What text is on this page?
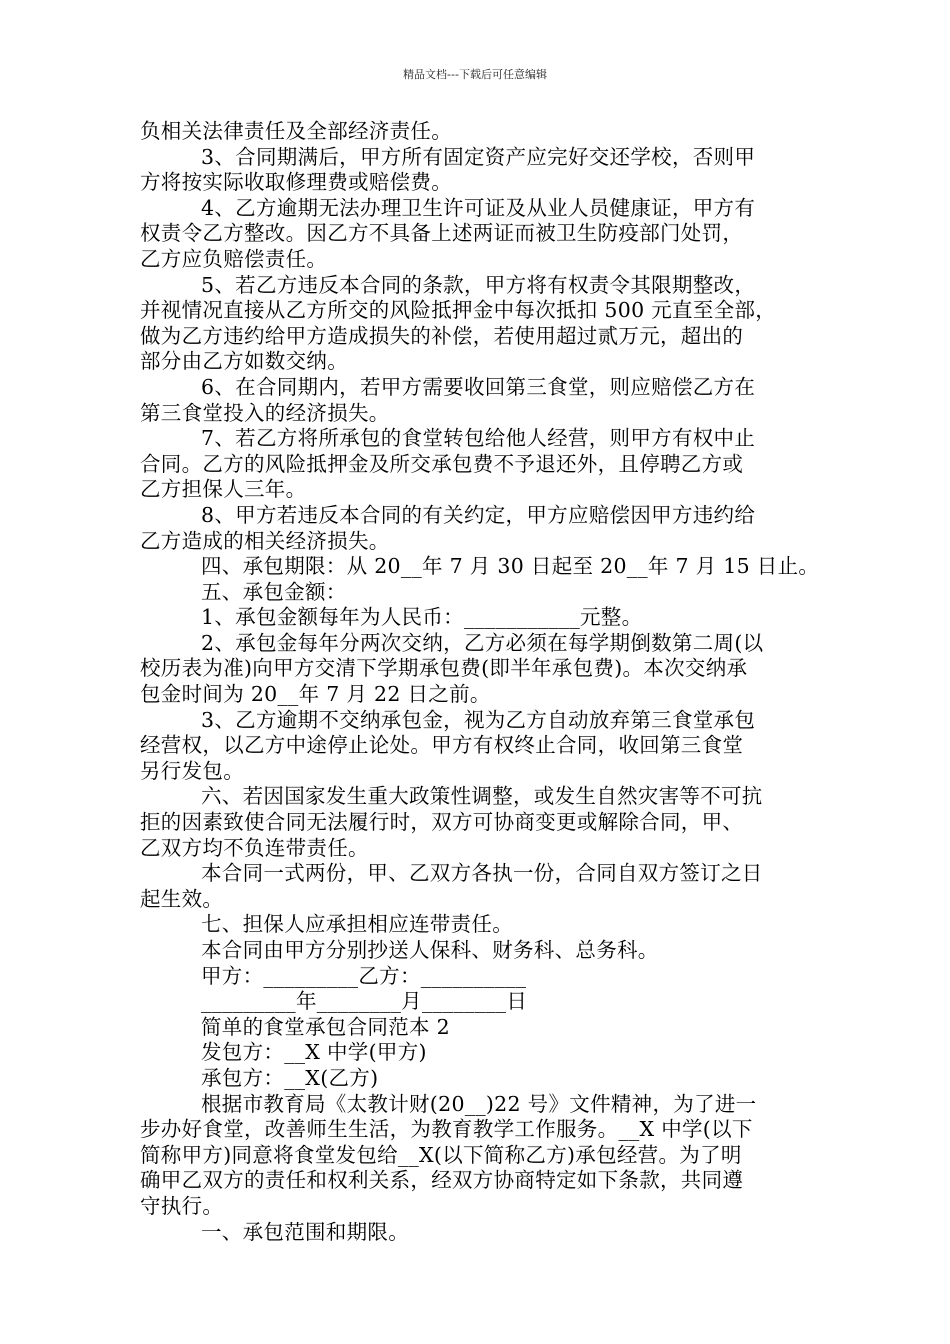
精品文档---下载后可任意编辑

负相关法律责任及全部经济责任。

3、合同期满后，甲方所有固定资产应完好交还学校，否则甲

方将按实际收取修理费或赔偿费。

4、乙方逾期无法办理卫生许可证及从业人员健康证，甲方有

权责令乙方整改。因乙方不具备上述两证而被卫生防疫部门处罚，

乙方应负赔偿责任。

5、若乙方违反本合同的条款，甲方将有权责令其限期整改，

并视情况直接从乙方所交的风险抵押金中每次抵扣 500 元直至全部，

做为乙方违约给甲方造成损失的补偿，若使用超过贰万元，超出的

部分由乙方如数交纳。

6、在合同期内，若甲方需要收回第三食堂，则应赔偿乙方在

第三食堂投入的经济损失。

7、若乙方将所承包的食堂转包给他人经营，则甲方有权中止

合同。乙方的风险抵押金及所交承包费不予退还外，且停聘乙方或

乙方担保人三年。

8、甲方若违反本合同的有关约定，甲方应赔偿因甲方违约给

乙方造成的相关经济损失。

四、承包期限：从 20__年 7 月 30 日起至 20__年 7 月 15 日止。

五、承包金额：

1、承包金额每年为人民币：___________元整。

2、承包金每年分两次交纳，乙方必须在每学期倒数第二周(以

校历表为准)向甲方交清下学期承包费(即半年承包费)。本次交纳承

包金时间为 20__年 7 月 22 日之前。

3、乙方逾期不交纳承包金，视为乙方自动放弃第三食堂承包

经营权，以乙方中途停止论处。甲方有权终止合同，收回第三食堂

另行发包。

六、若因国家发生重大政策性调整，或发生自然灾害等不可抗

拒的因素致使合同无法履行时，双方可协商变更或解除合同，甲、

乙双方均不负连带责任。

本合同一式两份，甲、乙双方各执一份，合同自双方签订之日

起生效。

七、担保人应承担相应连带责任。

本合同由甲方分别抄送人保科、财务科、总务科。

甲方：_________乙方：__________

_________年________月________日

简单的食堂承包合同范本 2

发包方：__X 中学(甲方)

承包方：__X(乙方)

根据市教育局《太教计财(20__)22 号》文件精神，为了进一

步办好食堂，改善师生生活，为教育教学工作服务。__X 中学(以下

简称甲方)同意将食堂发包给__X(以下简称乙方)承包经营。为了明

确甲乙双方的责任和权利关系，经双方协商特定如下条款，共同遵

守执行。

一、承包范围和期限。
